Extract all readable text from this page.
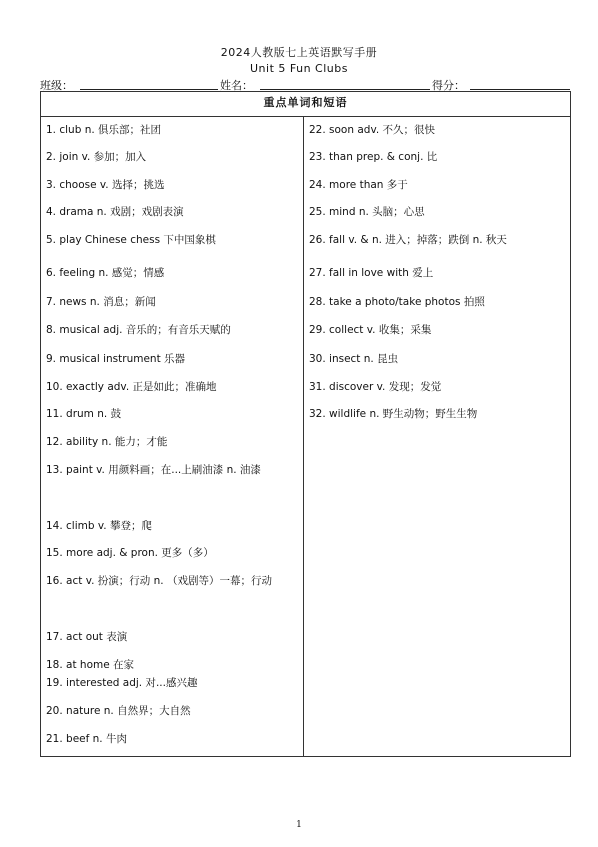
2024人教版七上英语默写手册
Unit 5 Fun Clubs
班级：	姓名：	得分：
重点单词和短语
1. club n. 俱乐部；社团
2. join v. 参加；加入
3. choose v. 选择；挑选
4. drama n. 戏剧；戏剧表演
5. play Chinese chess 下中国象棋
6. feeling n. 感觉；情感
7. news n. 消息；新闻
8. musical adj. 音乐的；有音乐天赋的
9. musical instrument 乐器
10. exactly adv. 正是如此；准确地
11. drum n. 鼓
12. ability n. 能力；才能
13. paint v. 用颜料画；在...上刷油漆 n. 油漆
14. climb v. 攀登；爬
15. more adj. & pron. 更多（多）
16. act v. 扮演；行动 n. （戏剧等）一幕；行动
17. act out 表演
18. at home 在家
19. interested adj. 对...感兴趣
20. nature n. 自然界；大自然
21. beef n. 牛肉
22. soon adv. 不久；很快
23. than prep. & conj. 比
24. more than 多于
25. mind n. 头脑；心思
26. fall v. & n. 进入；掉落；跌倒 n. 秋天
27. fall in love with 爱上
28. take a photo/take photos 拍照
29. collect v. 收集；采集
30. insect n. 昆虫
31. discover v. 发现；发觉
32. wildlife n. 野生动物；野生生物
1
